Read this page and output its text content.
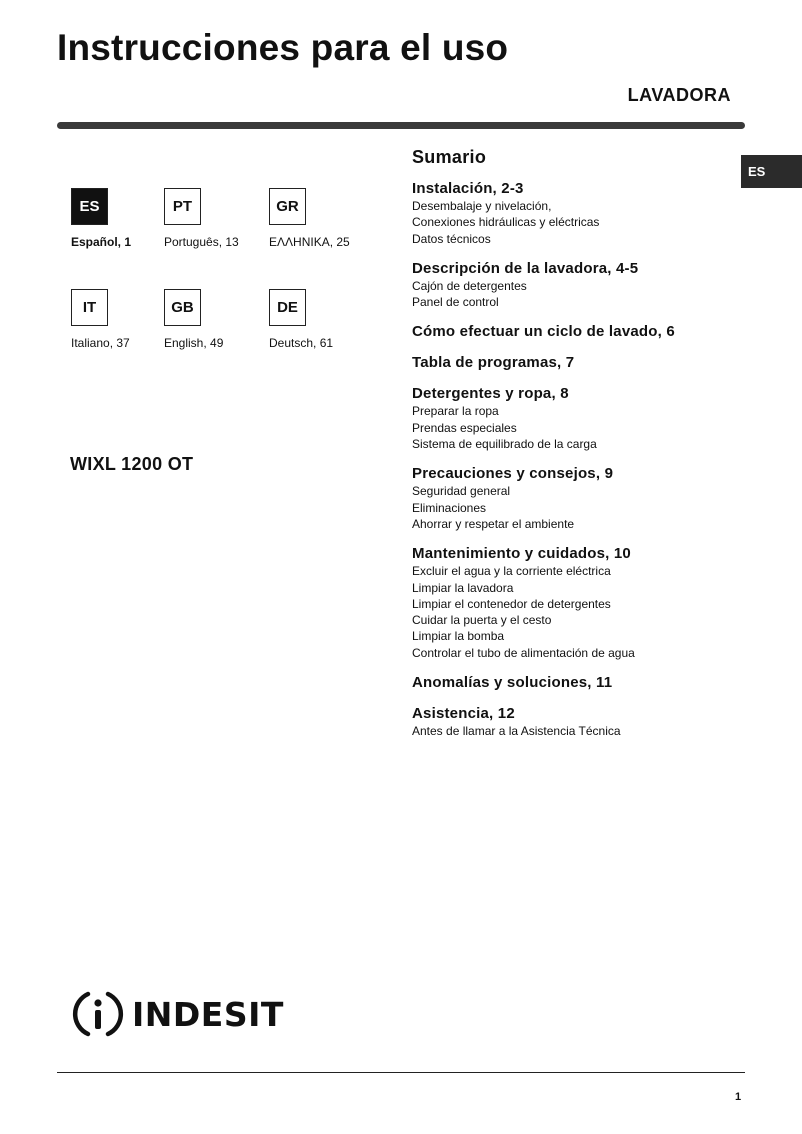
Instrucciones para el uso
LAVADORA
ES
ES
Español, 1
PT
Português, 13
GR
ΕΛΛΗΝΙΚΑ, 25
IT
Italiano, 37
GB
English, 49
DE
Deutsch, 61
WIXL 1200 OT
Sumario
Instalación, 2-3
Desembalaje y nivelación,
Conexiones hidráulicas y eléctricas
Datos técnicos
Descripción de la lavadora, 4-5
Cajón de detergentes
Panel de control
Cómo efectuar un ciclo de lavado, 6
Tabla de programas, 7
Detergentes y ropa, 8
Preparar la ropa
Prendas especiales
Sistema de equilibrado de la carga
Precauciones y consejos, 9
Seguridad general
Eliminaciones
Ahorrar y respetar el ambiente
Mantenimiento y cuidados, 10
Excluir el agua y la corriente eléctrica
Limpiar la lavadora
Limpiar el contenedor de detergentes
Cuidar la puerta y el cesto
Limpiar la bomba
Controlar el tubo de alimentación de agua
Anomalías y soluciones, 11
Asistencia, 12
Antes de llamar a la Asistencia Técnica
INDESIT
1
